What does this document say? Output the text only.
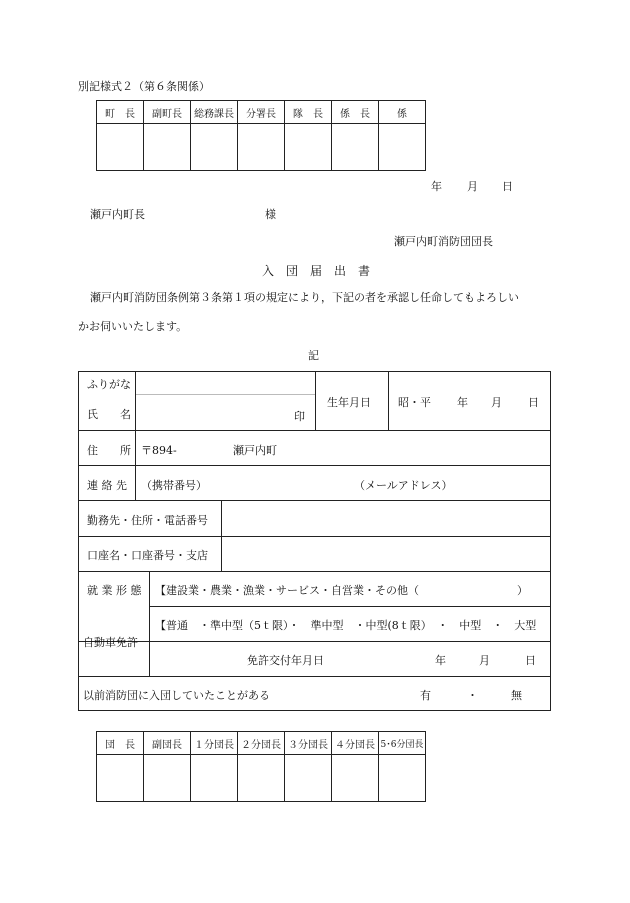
別記様式２（第６条関係）
町　長	副町長	総務課長	分署長	隊　長	係　長	係

年 月 日
瀬戸内町長	様
瀬戸内町消防団団長
入　団　届　出　書
瀬戸内町消防団条例第３条第１項の規定により，下記の者を承認し任命してもよろしい
かお伺いいたします。
記
ふりがな
氏　　名	印
生年月日 昭・平 年 月 日
住　　所 〒894-	瀬戸内町
連 絡 先 （携帯番号）	（メールアドレス）
勤務先・住所・電話番号
口座名・口座番号・支店
就 業 形 態 【建設業・農業・漁業・サービス・自営業・その他（	）
自動車免許
【普通　・準中型（5ｔ限）・　準中型　・中型(8ｔ限）　・　中型　・　大型
免許交付年月日	年	月	日
以前消防団に入団していたことがある	有	・	無
団　長	副団長	１分団長	２分団長	３分団長	４分団長	5･6分団長
